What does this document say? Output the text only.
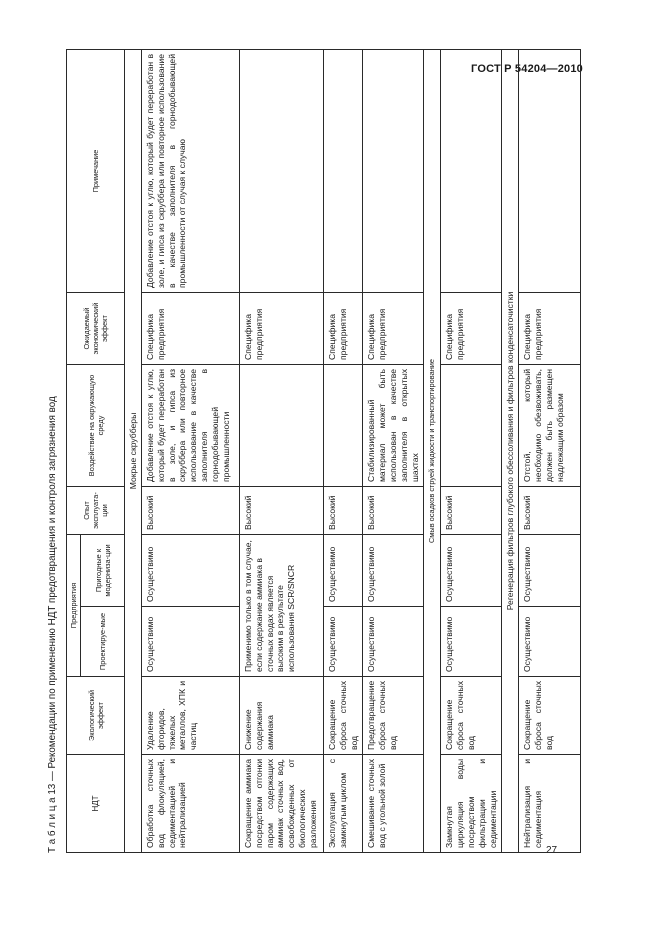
ГОСТ Р 54204—2010
27
Т а б л и ц а 13 — Рекомендации по применению НДТ предотвращения и контроля загрязнения вод	НДТ	Экологический эффект	Предприятия		Опыт эксплуата-ции	Воздействие на окружающую среду	Ожидаемый экономический эффект	Примечание
		Проектируе-мые	Пригодные к модерниза-ции				
Мокрые скрубберы							
Обработка сточных вод флокуляцией, седиментацией и нейтрализацией	Удаление фторидов, тяжелых металлов, ХПК и частиц	Осуществимо	Осуществимо	Высокий	Добавление отстоя к углю, который будет переработан в золе, и гипса из скруббера или повторное использование в качестве заполнителя в горнодобывающей промышленности	Специфика предприятия	Добавление отстоя к углю, который будет переработан в золе, и гипса из скруббера или повторное использование в качестве заполнителя в горнодобывающей промышленности от случая к случаю
Сокращение аммиака посредством отгонки паром содержащих аммиак сточных вод, освобожденных от биологических разложения	Снижение содержания аммиака	Применимо только в том случае, если содержание аммиака в сточных водах является высоким в результате использования SCR/SNCR		Высокий		Специфика предприятия	
Эксплуатация с замкнутым циклом	Сокращение сброса сточных вод	Осуществимо	Осуществимо	Высокий		Специфика предприятия	
Смешивание сточных вод с угольной золой	Предотвращение сброса сточных вод	Осуществимо	Осуществимо	Высокий	Стабилизированный материал может быть использован в качестве заполнителя в открытых шахтах	Специфика предприятия	
Смыв осадков струей жидкости и транспортирование							
Замкнутая циркуляция воды посредством фильтрации и седиментации	Сокращение сброса сточных вод	Осуществимо	Осуществимо	Высокий		Специфика предприятия	
Регенерация фильтров глубокого обессоливания и фильтров конденсаточистки							
Нейтрализация и седиментация	Сокращение сброса сточных вод	Осуществимо	Осуществимо	Высокий	Отстой, который необходимо обезвоживать, должен быть размещен надлежащим образом	Специфика предприятия	
